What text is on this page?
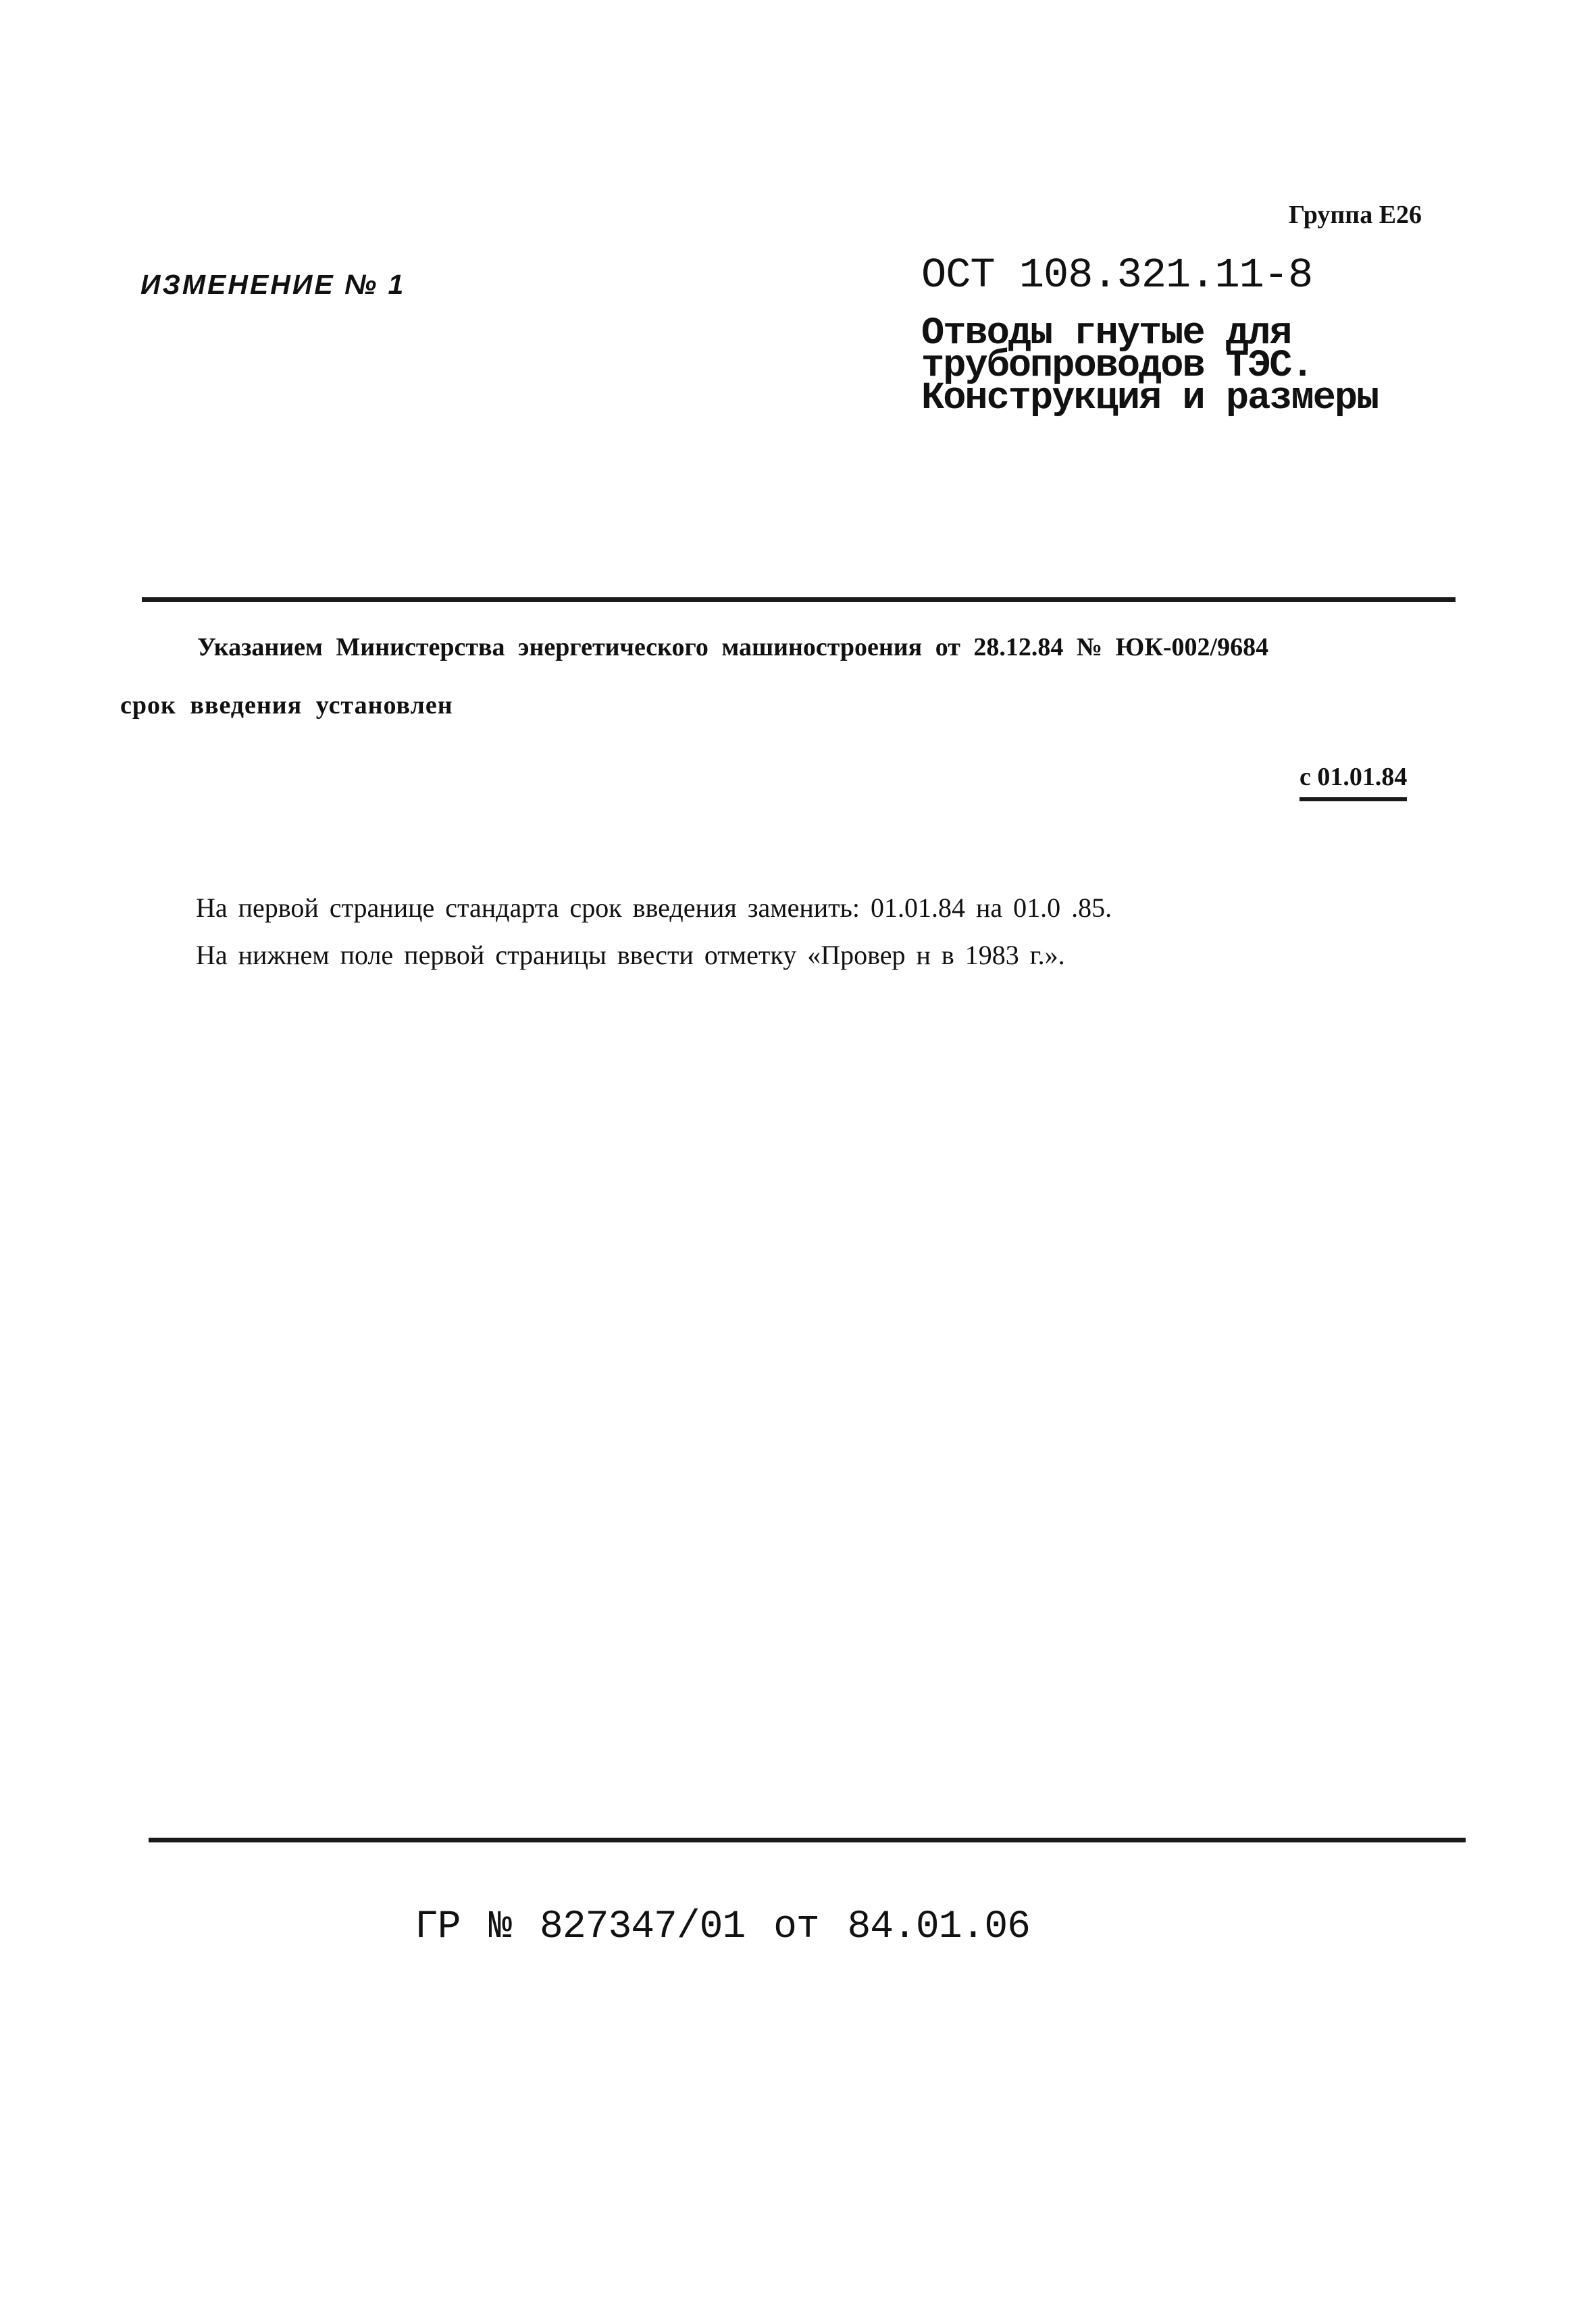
Группа Е26
ИЗМЕНЕНИЕ № 1	ОСТ 108.321.11-8
Отводы гнутые для
трубопроводов ТЭС.
Конструкция и размеры
Указанием Министерства энергетического машиностроения от 28.12.84 № ЮК-002/9684
срок введения установлен
с 01.01.84
На первой странице стандарта срок введения заменить: 01.01.84 на 01.0 .85.
На нижнем поле первой страницы ввести отметку «Провер н в 1983 г.».
ГР № 827347/01 от 84.01.06
